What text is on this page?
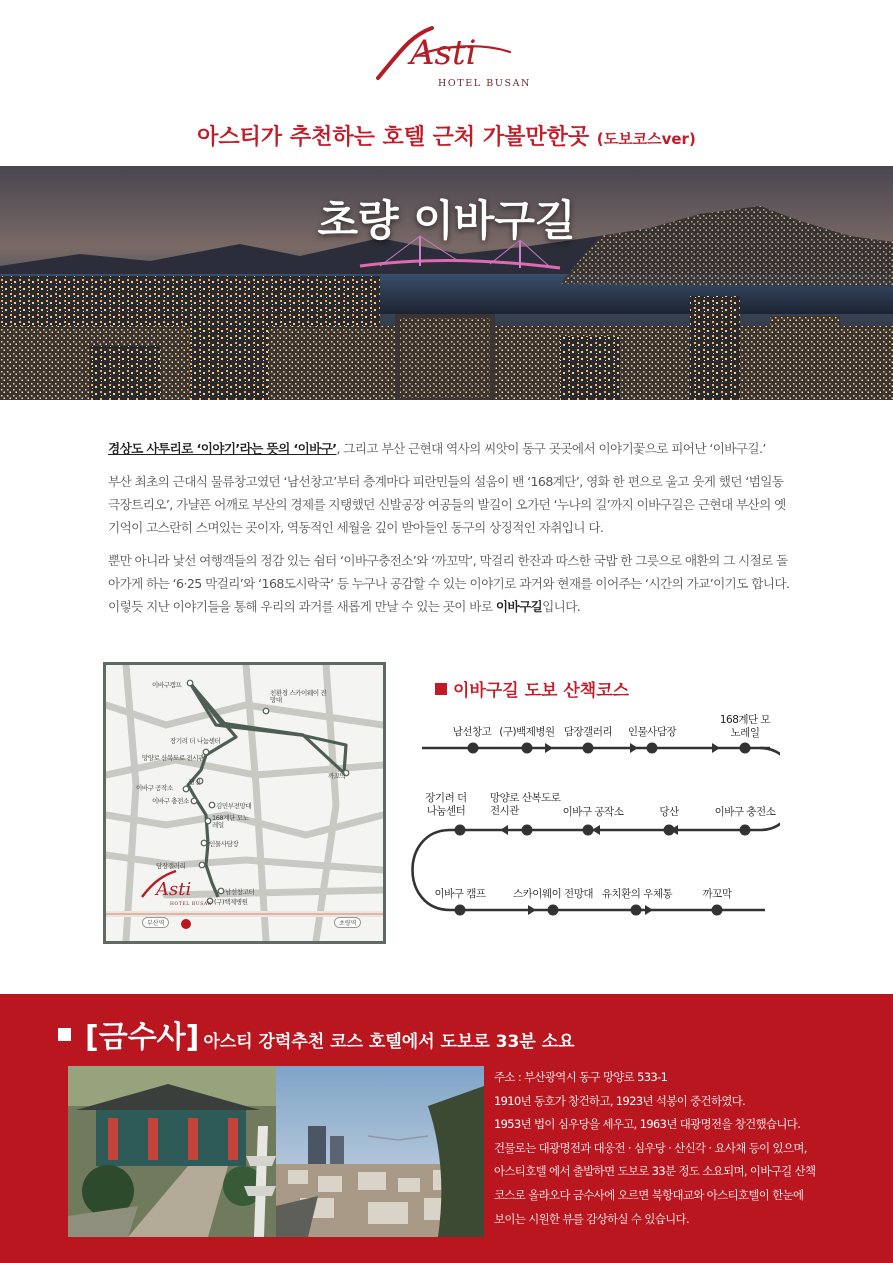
Asti
HOTEL BUSAN
아스티가 추천하는 호텔 근처 가볼만한곳 (도보코스ver)
초량 이바구길

경상도 사투리로 ‘이야기’라는 뜻의 ‘이바구’, 그리고 부산 근현대 역사의 씨앗이 동구 곳곳에서 이야기꽃으로 피어난 ‘이바구길.’

부산 최초의 근대식 물류창고였던 ‘남선창고’부터 층계마다 피란민들의 설움이 밴 ‘168계단’, 영화 한 편으로 울고 웃게 했던 ‘범일동 극장트리오’, 가냘픈 어깨로 부산의 경제를 지탱했던 신발공장 여공들의 발길이 오가던 ‘누나의 길’까지 이바구길은 근현대 부산의 옛 기억이 고스란히 스며있는 곳이자, 역동적인 세월을 깊이 받아들인 동구의 상징적인 자취입니 다.

뿐만 아니라 낯선 여행객들의 정감 있는 쉼터 ‘이바구충전소’와 ‘까꼬막’, 막걸리 한잔과 따스한 국밥 한 그릇으로 애환의 그 시절로 돌아가게 하는 ‘6·25 막걸리’와 ‘168도시락국’ 등 누구나 공감할 수 있는 이야기로 과거와 현재를 이어주는 ‘시간의 가교’이기도 합니다. 이렇듯 지난 이야기들을 통해 우리의 과거를 새롭게 만날 수 있는 곳이 바로 이바구길입니다.

Asti
HOTEL BUSAN
이바구캠프
친환경 스카이웨이 전망대
장기려 더 나눔센터
망양로 산복도로 전시관
까꼬막
이바구 공작소
당산
이바구 충전소
김민부전망대
168계단 모노레일
인물사담장
담장갤러리
남선창고터
(구)백제병원
부산역	초량역
이바구길 도보 산책코스
남선창고 (구)백제병원 담장갤러리	인물사담장
168계단 모노레일
장기려 더 나눔센터
망양로 산복도로 전시관	이바구 공작소	당산	이바구 충전소
이바구 캠프	스카이웨이 전망대 유치환의 우체통	까꼬막
[금수사] 아스티 강력추천 코스 호텔에서 도보로 33분 소요
주소 : 부산광역시 동구 망양로 533-1
1910년 동호가 창건하고, 1923년 석봉이 중건하였다.
1953년 법이 심우당을 세우고, 1963년 대광명전을 창건했습니다.
건물로는 대광명전과 대웅전 · 심우당 · 산신각 · 요사채 등이 있으며,
아스티호텔 에서 출발하면 도보로 33분 정도 소요되며, 이바구길 산책
코스로 올라오다 금수사에 오르면 북항대교와 아스티호텔이 한눈에
보이는 시원한 뷰를 감상하실 수 있습니다.
